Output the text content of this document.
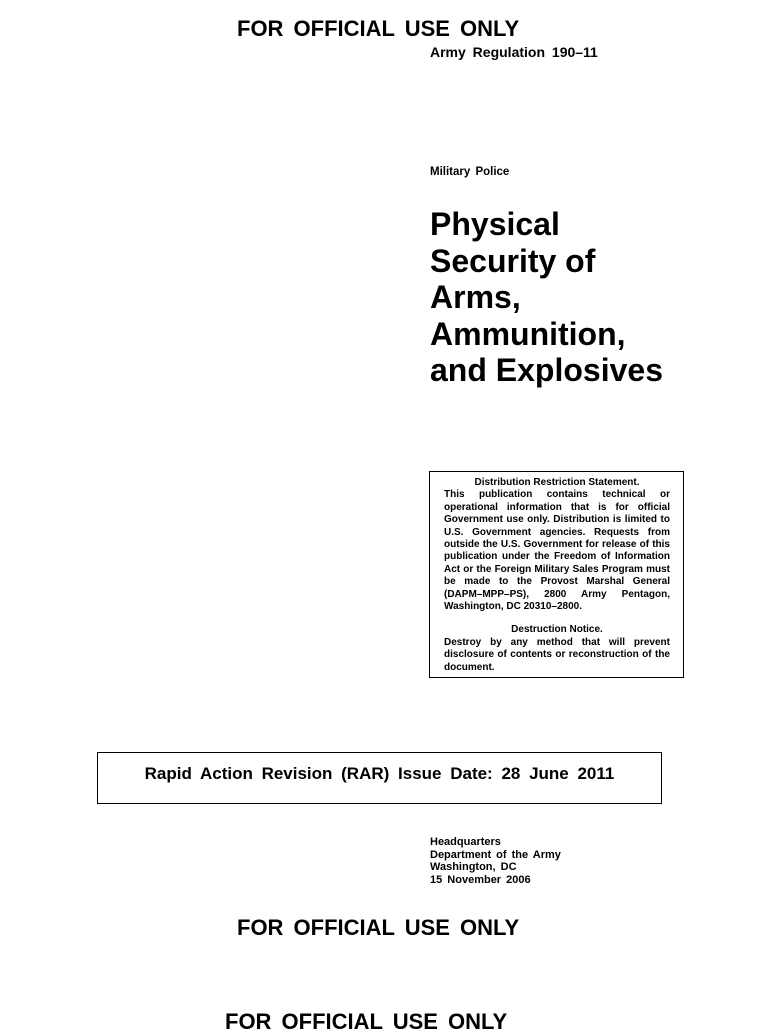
FOR OFFICIAL USE ONLY
Army Regulation 190–11
Military Police
Physical
Security of
Arms,
Ammunition,
and Explosives
Distribution Restriction Statement.
This publication contains technical or operational information that is for official Government use only. Distribution is limited to U.S. Government agencies. Requests from outside the U.S. Government for release of this publication under the Freedom of Information Act or the Foreign Military Sales Program must be made to the Provost Marshal General (DAPM–MPP–PS), 2800 Army Pentagon, Washington, DC 20310–2800.
Destruction Notice.
Destroy by any method that will prevent disclosure of contents or reconstruction of the document.
Rapid Action Revision (RAR) Issue Date: 28 June 2011
Headquarters
Department of the Army
Washington, DC
15 November 2006
FOR OFFICIAL USE ONLY
FOR OFFICIAL USE ONLY
